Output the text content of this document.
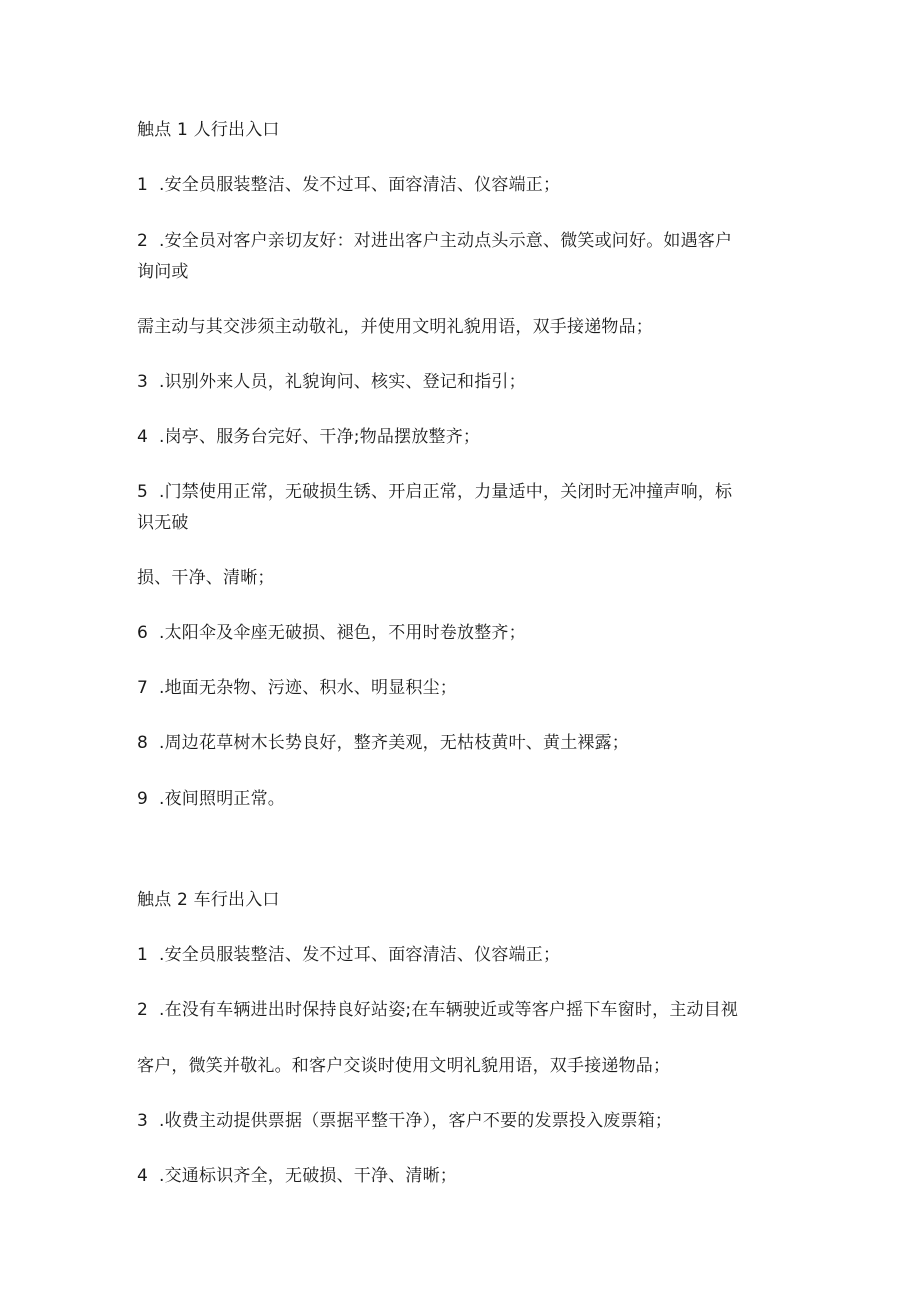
触点 1 人行出入口
1 .安全员服装整洁、发不过耳、面容清洁、仪容端正；
2 .安全员对客户亲切友好：对进出客户主动点头示意、微笑或问好。如遇客户
询问或
需主动与其交涉须主动敬礼，并使用文明礼貌用语，双手接递物品；
3 .识别外来人员，礼貌询问、核实、登记和指引；
4 .岗亭、服务台完好、干净;物品摆放整齐；
5 .门禁使用正常，无破损生锈、开启正常，力量适中，关闭时无冲撞声响，标
识无破
损、干净、清晰；
6 .太阳伞及伞座无破损、褪色，不用时卷放整齐；
7 .地面无杂物、污迹、积水、明显积尘；
8 .周边花草树木长势良好，整齐美观，无枯枝黄叶、黄土裸露；
9 .夜间照明正常。
触点 2 车行出入口
1 .安全员服装整洁、发不过耳、面容清洁、仪容端正；
2 .在没有车辆进出时保持良好站姿;在车辆驶近或等客户摇下车窗时，主动目视
客户，微笑并敬礼。和客户交谈时使用文明礼貌用语，双手接递物品；
3 .收费主动提供票据（票据平整干净），客户不要的发票投入废票箱；
4 .交通标识齐全，无破损、干净、清晰；
